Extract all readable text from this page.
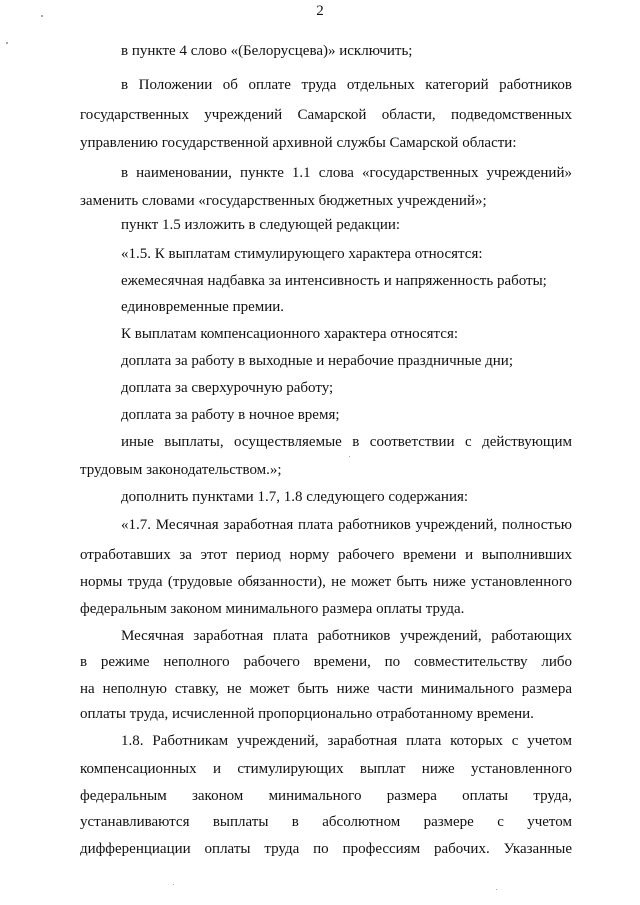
2
в пункте 4 слово «(Белорусцева)» исключить;
в Положении об оплате труда отдельных категорий работников
государственных учреждений Самарской области, подведомственных
управлению государственной архивной службы Самарской области:
в наименовании, пункте 1.1 слова «государственных учреждений»
заменить словами «государственных бюджетных учреждений»;
пункт 1.5 изложить в следующей редакции:
«1.5. К выплатам стимулирующего характера относятся:
ежемесячная надбавка за интенсивность и напряженность работы;
единовременные премии.
К выплатам компенсационного характера относятся:
доплата за работу в выходные и нерабочие праздничные дни;
доплата за сверхурочную работу;
доплата за работу в ночное время;
иные выплаты, осуществляемые в соответствии с действующим
трудовым законодательством.»;
дополнить пунктами 1.7, 1.8 следующего содержания:
«1.7. Месячная заработная плата работников учреждений, полностью
отработавших за этот период норму рабочего времени и выполнивших
нормы труда (трудовые обязанности), не может быть ниже установленного
федеральным законом минимального размера оплаты труда.
Месячная заработная плата работников учреждений, работающих
в режиме неполного рабочего времени, по совместительству либо
на неполную ставку, не может быть ниже части минимального размера
оплаты труда, исчисленной пропорционально отработанному времени.
1.8. Работникам учреждений, заработная плата которых с учетом
компенсационных и стимулирующих выплат ниже установленного
федеральным законом минимального размера оплаты труда,
устанавливаются выплаты в абсолютном размере с учетом
дифференциации оплаты труда по профессиям рабочих. Указанные
